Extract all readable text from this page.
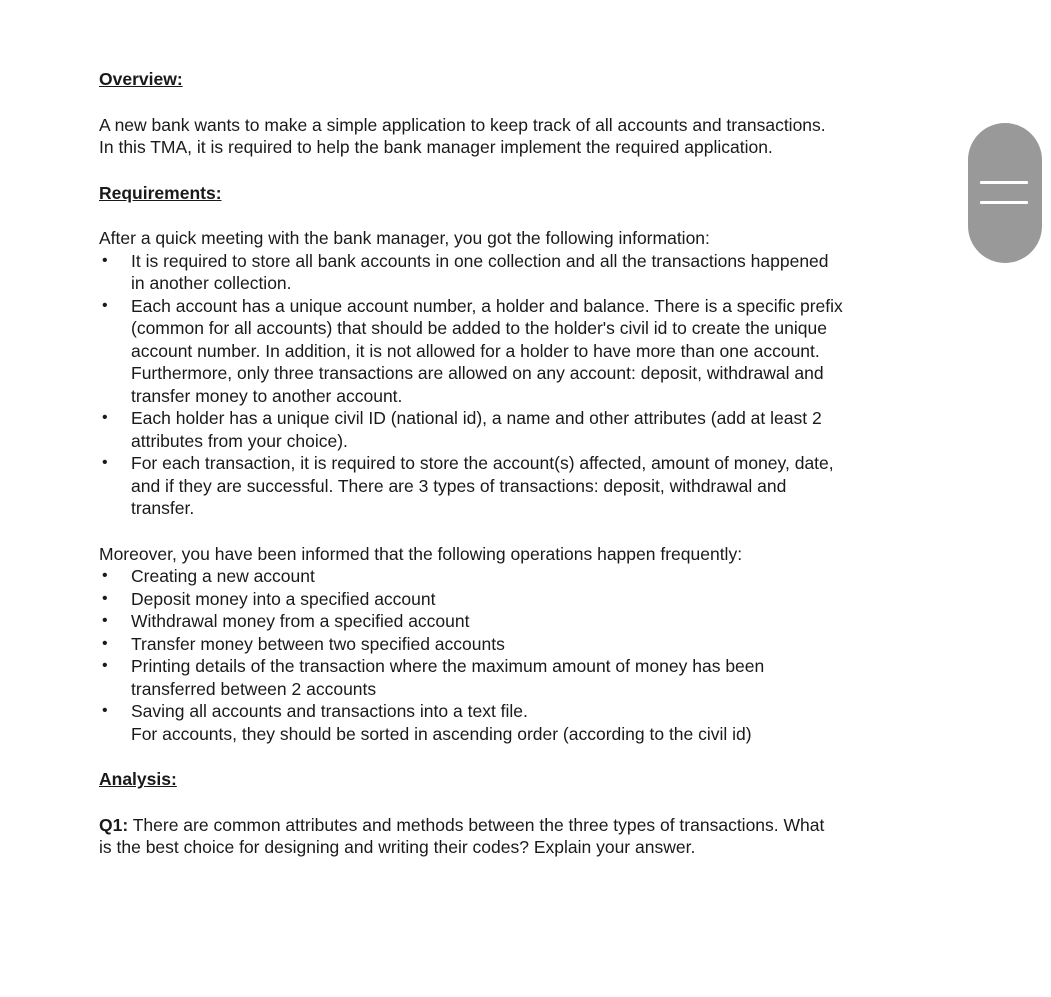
Overview:

A new bank wants to make a simple application to keep track of all accounts and transactions.
In this TMA, it is required to help the bank manager implement the required application.

Requirements:

After a quick meeting with the bank manager, you got the following information:

• It is required to store all bank accounts in one collection and all the transactions happened
in another collection.
• Each account has a unique account number, a holder and balance. There is a specific prefix
(common for all accounts) that should be added to the holder's civil id to create the unique
account number. In addition, it is not allowed for a holder to have more than one account.
Furthermore, only three transactions are allowed on any account: deposit, withdrawal and
transfer money to another account.
• Each holder has a unique civil ID (national id), a name and other attributes (add at least 2
attributes from your choice).
• For each transaction, it is required to store the account(s) affected, amount of money, date,
and if they are successful. There are 3 types of transactions: deposit, withdrawal and
transfer.

Moreover, you have been informed that the following operations happen frequently:

• Creating a new account
• Deposit money into a specified account
• Withdrawal money from a specified account
• Transfer money between two specified accounts
• Printing details of the transaction where the maximum amount of money has been
transferred between 2 accounts
• Saving all accounts and transactions into a text file.
For accounts, they should be sorted in ascending order (according to the civil id)
Analysis:

Q1: There are common attributes and methods between the three types of transactions. What
is the best choice for designing and writing their codes? Explain your answer.
